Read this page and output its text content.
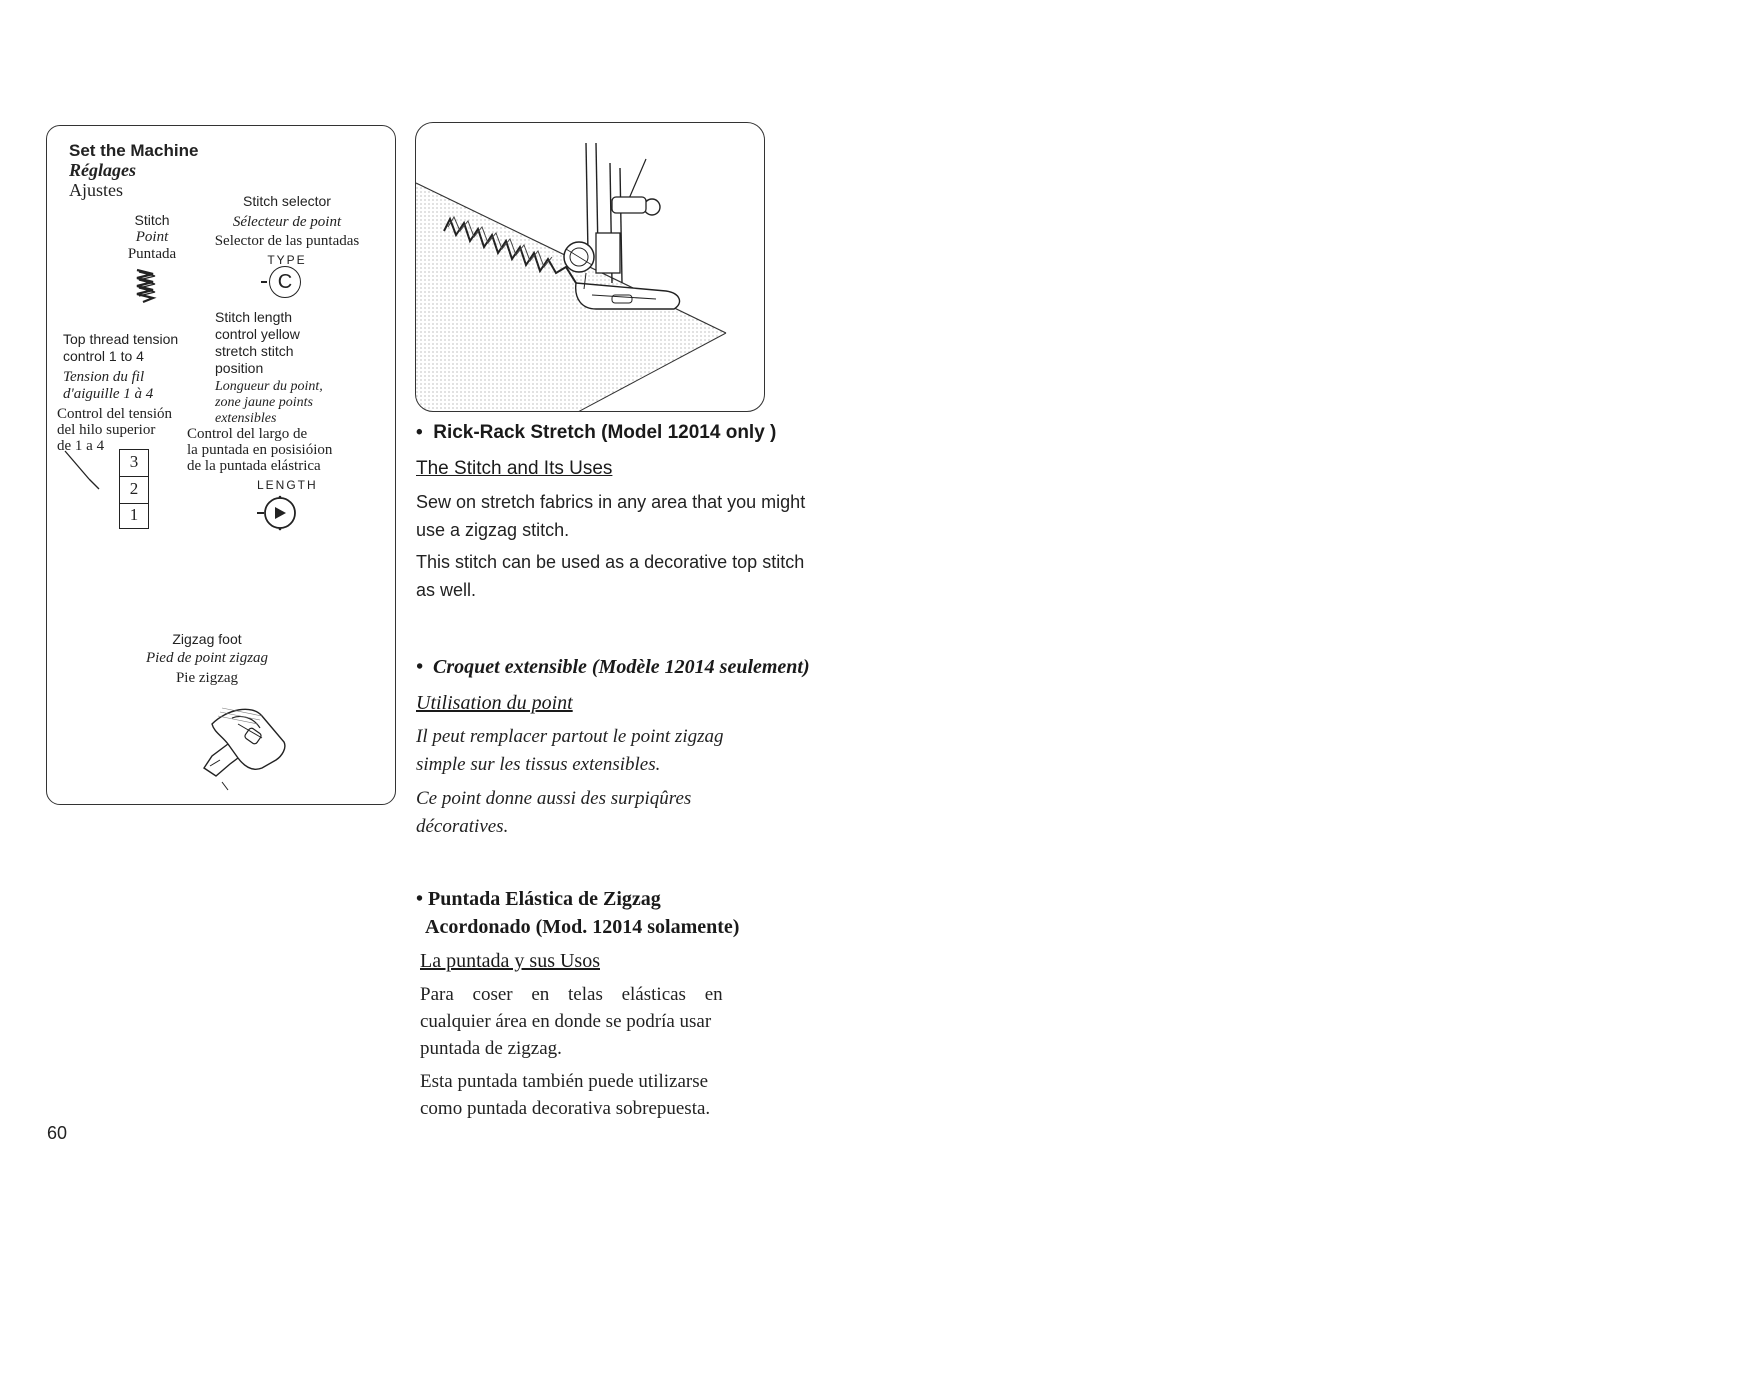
Set the Machine
Réglages
Ajustes
Stitch
Point
Puntada
Stitch selector
Sélecteur de point
Selector de las puntadas
TYPE
C
Top thread tension
control 1 to 4
Tension du fil
d'aiguille 1 à 4
Control del tensión
del hilo superior
de 1 a 4
3
2
1
Stitch length
control yellow
stretch stitch
position
Longueur du point,
zone jaune points
extensibles
Control del largo de
la puntada en posisióion
de la puntada elástrica
LENGTH
Zigzag foot
Pied de point zigzag
Pie zigzag
• Rick-Rack Stretch (Model 12014 only )
The Stitch and Its Uses
Sew on stretch fabrics in any area that you might use a zigzag stitch.
This stitch can be used as a decorative top stitch as well.
• Croquet extensible (Modèle 12014 seulement)
Utilisation du point
Il peut remplacer partout le point zigzag
simple sur les tissus extensibles.
Ce point donne aussi des surpiqûres
décoratives.
• Puntada Elástica de Zigzag
Acordonado (Mod. 12014 solamente)
La puntada y sus Usos
Para coser en telas elásticas en
cualquier área en donde se podría usar
puntada de zigzag.
Esta puntada también puede utilizarse
como puntada decorativa sobrepuesta.
60
